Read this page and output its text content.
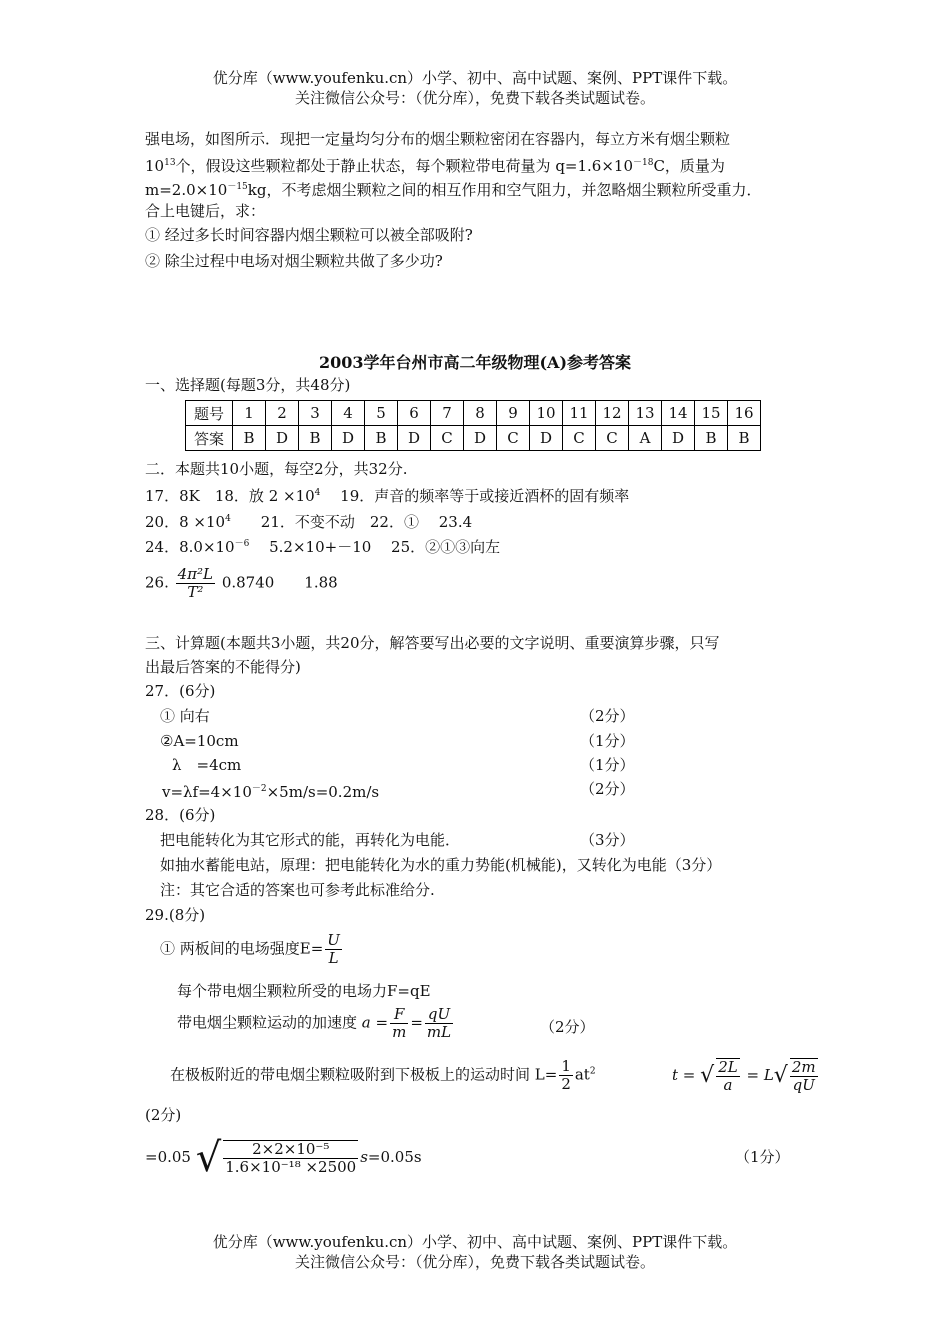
优分库（www.youfenku.cn）小学、初中、高中试题、案例、PPT课件下载。
关注微信公众号：（优分库），免费下载各类试题试卷。
强电场，如图所示．现把一定量均匀分布的烟尘颗粒密闭在容器内，每立方米有烟尘颗粒
$10^{13}$个，假设这些颗粒都处于静止状态，每个颗粒带电荷量为 $q=1.6\times 10^{-18}C$，质量为
$m=2.0\times 10^{-15}kg$，不考虑烟尘颗粒之间的相互作用和空气阻力，并忽略烟尘颗粒所受重力．
合上电键后，求：
① 经过多长时间容器内烟尘颗粒可以被全部吸附?
② 除尘过程中电场对烟尘颗粒共做了多少功?
2003学年台州市高二年级物理(A)参考答案
一、选择题(每题3分，共48分)
题号	1	2	3	4	5	6	7	8	9	10	11	12	13	14	15	16
答案	B	D	B	D	B	D	C	D	C	D	C	C	A	D	B	B
二．本题共10小题，每空2分，共32分.
17．8K　18．放 $2 \times 10^4$　 19．声音的频率等于或接近酒杯的固有频率
20．$8 \times 10^4$　　21．不变不动　22．①　 23.4
24．$8.0\times 10^{-6}$　 5.2×10+－10　 25．②①③向左
26. $\frac{\text{4π²L}}{\text{T²}} 0.8740$　　1.88
三、计算题(本题共3小题，共20分，解答要写出必要的文字说明、重要演算步骤，只写
出最后答案的不能得分)
27．(6分)
① 向右	（2分）
②A=10cm	（1分）
λ　=4cm	（1分）
$v=\lambda f=4\times 10^{-2}\times 5m/s=0.2m/s$	（2分）
28．(6分)
把电能转化为其它形式的能，再转化为电能．	（3分）
如抽水蓄能电站，原理：把电能转化为水的重力势能(机械能)，又转化为电能（3分）
注：其它合适的答案也可参考此标准给分.
29.(8分)
① 两板间的电场强度$E= \frac{U}{L}$
每个带电烟尘颗粒所受的电场力F=qE
带电烟尘颗粒运动的加速度 $a = \frac{F}{m} = \frac{qU}{mL}$	（2分）
在极板附近的带电烟尘颗粒吸附到下极板上的运动时间 $L= \frac{1}{2} at^2$	t = √ $\frac{2L}{a} = L√ \frac{2m}{qU}$
(2分)
=0.05 √ $\frac{\text{2×2×10⁻⁵}}{\text{1.6×10⁻¹⁸ ×2500}} s=0.05s$	（1分）
优分库（www.youfenku.cn）小学、初中、高中试题、案例、PPT课件下载。
关注微信公众号：（优分库），免费下载各类试题试卷。
